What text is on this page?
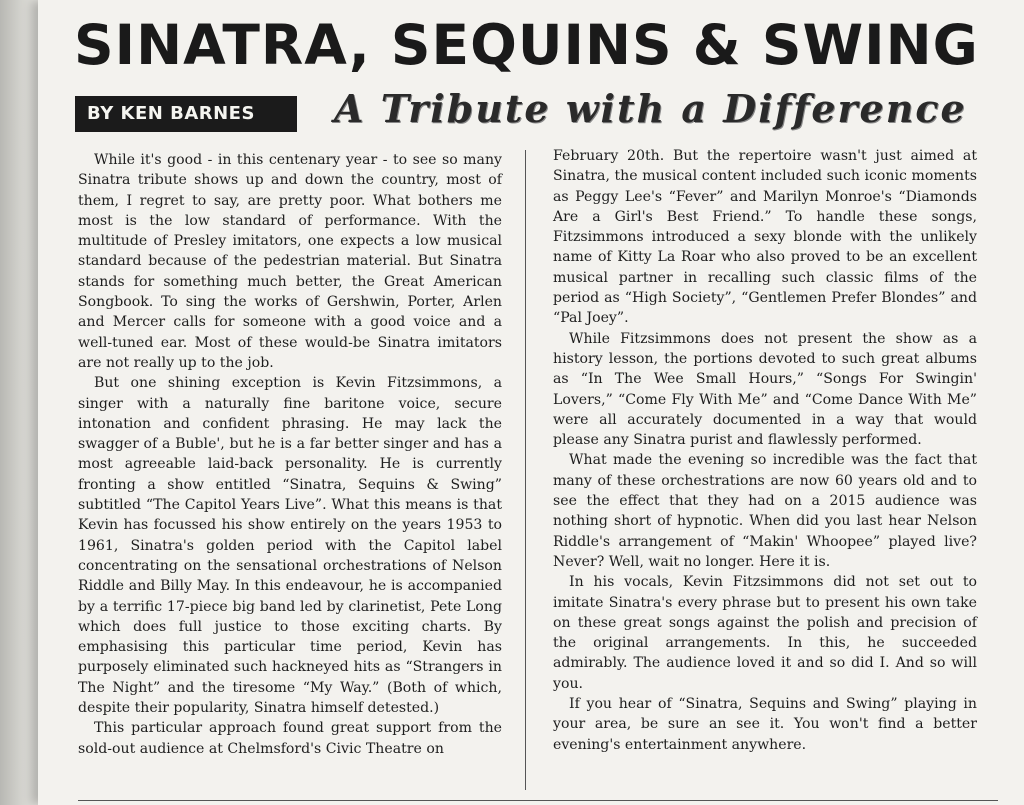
SINATRA, SEQUINS & SWING
BY KEN BARNES	A Tribute with a Difference

While it's good - in this centenary year - to see so many Sinatra tribute shows up and down the country, most of them, I regret to say, are pretty poor. What bothers me most is the low standard of performance. With the multitude of Presley imitators, one expects a low musical standard because of the pedestrian material. But Sinatra stands for something much better, the Great American Songbook. To sing the works of Gershwin, Porter, Arlen and Mercer calls for someone with a good voice and a well-tuned ear. Most of these would-be Sinatra imitators are not really up to the job.

But one shining exception is Kevin Fitzsimmons, a singer with a naturally fine baritone voice, secure intonation and confident phrasing. He may lack the swagger of a Buble', but he is a far better singer and has a most agreeable laid-back personality. He is currently fronting a show entitled “Sinatra, Sequins & Swing” subtitled “The Capitol Years Live”. What this means is that Kevin has focussed his show entirely on the years 1953 to 1961, Sinatra's golden period with the Capitol label concentrating on the sensational orchestrations of Nelson Riddle and Billy May. In this endeavour, he is accompanied by a terrific 17-piece big band led by clarinetist, Pete Long which does full justice to those exciting charts. By emphasising this particular time period, Kevin has purposely eliminated such hackneyed hits as “Strangers in The Night” and the tiresome “My Way.” (Both of which, despite their popularity, Sinatra himself detested.)

This particular approach found great support from the sold-out audience at Chelmsford's Civic Theatre on

February 20th. But the repertoire wasn't just aimed at Sinatra, the musical content included such iconic moments as Peggy Lee's “Fever” and Marilyn Monroe's “Diamonds Are a Girl's Best Friend.” To handle these songs, Fitzsimmons introduced a sexy blonde with the unlikely name of Kitty La Roar who also proved to be an excellent musical partner in recalling such classic films of the period as “High Society”, “Gentlemen Prefer Blondes” and “Pal Joey”.

While Fitzsimmons does not present the show as a history lesson, the portions devoted to such great albums as “In The Wee Small Hours,” “Songs For Swingin' Lovers,” “Come Fly With Me” and “Come Dance With Me” were all accurately documented in a way that would please any Sinatra purist and flawlessly performed.

What made the evening so incredible was the fact that many of these orchestrations are now 60 years old and to see the effect that they had on a 2015 audience was nothing short of hypnotic. When did you last hear Nelson Riddle's arrangement of “Makin' Whoopee” played live? Never? Well, wait no longer. Here it is.

In his vocals, Kevin Fitzsimmons did not set out to imitate Sinatra's every phrase but to present his own take on these great songs against the polish and precision of the original arrangements. In this, he succeeded admirably. The audience loved it and so did I. And so will you.

If you hear of “Sinatra, Sequins and Swing” playing in your area, be sure an see it. You won't find a better evening's entertainment anywhere.
